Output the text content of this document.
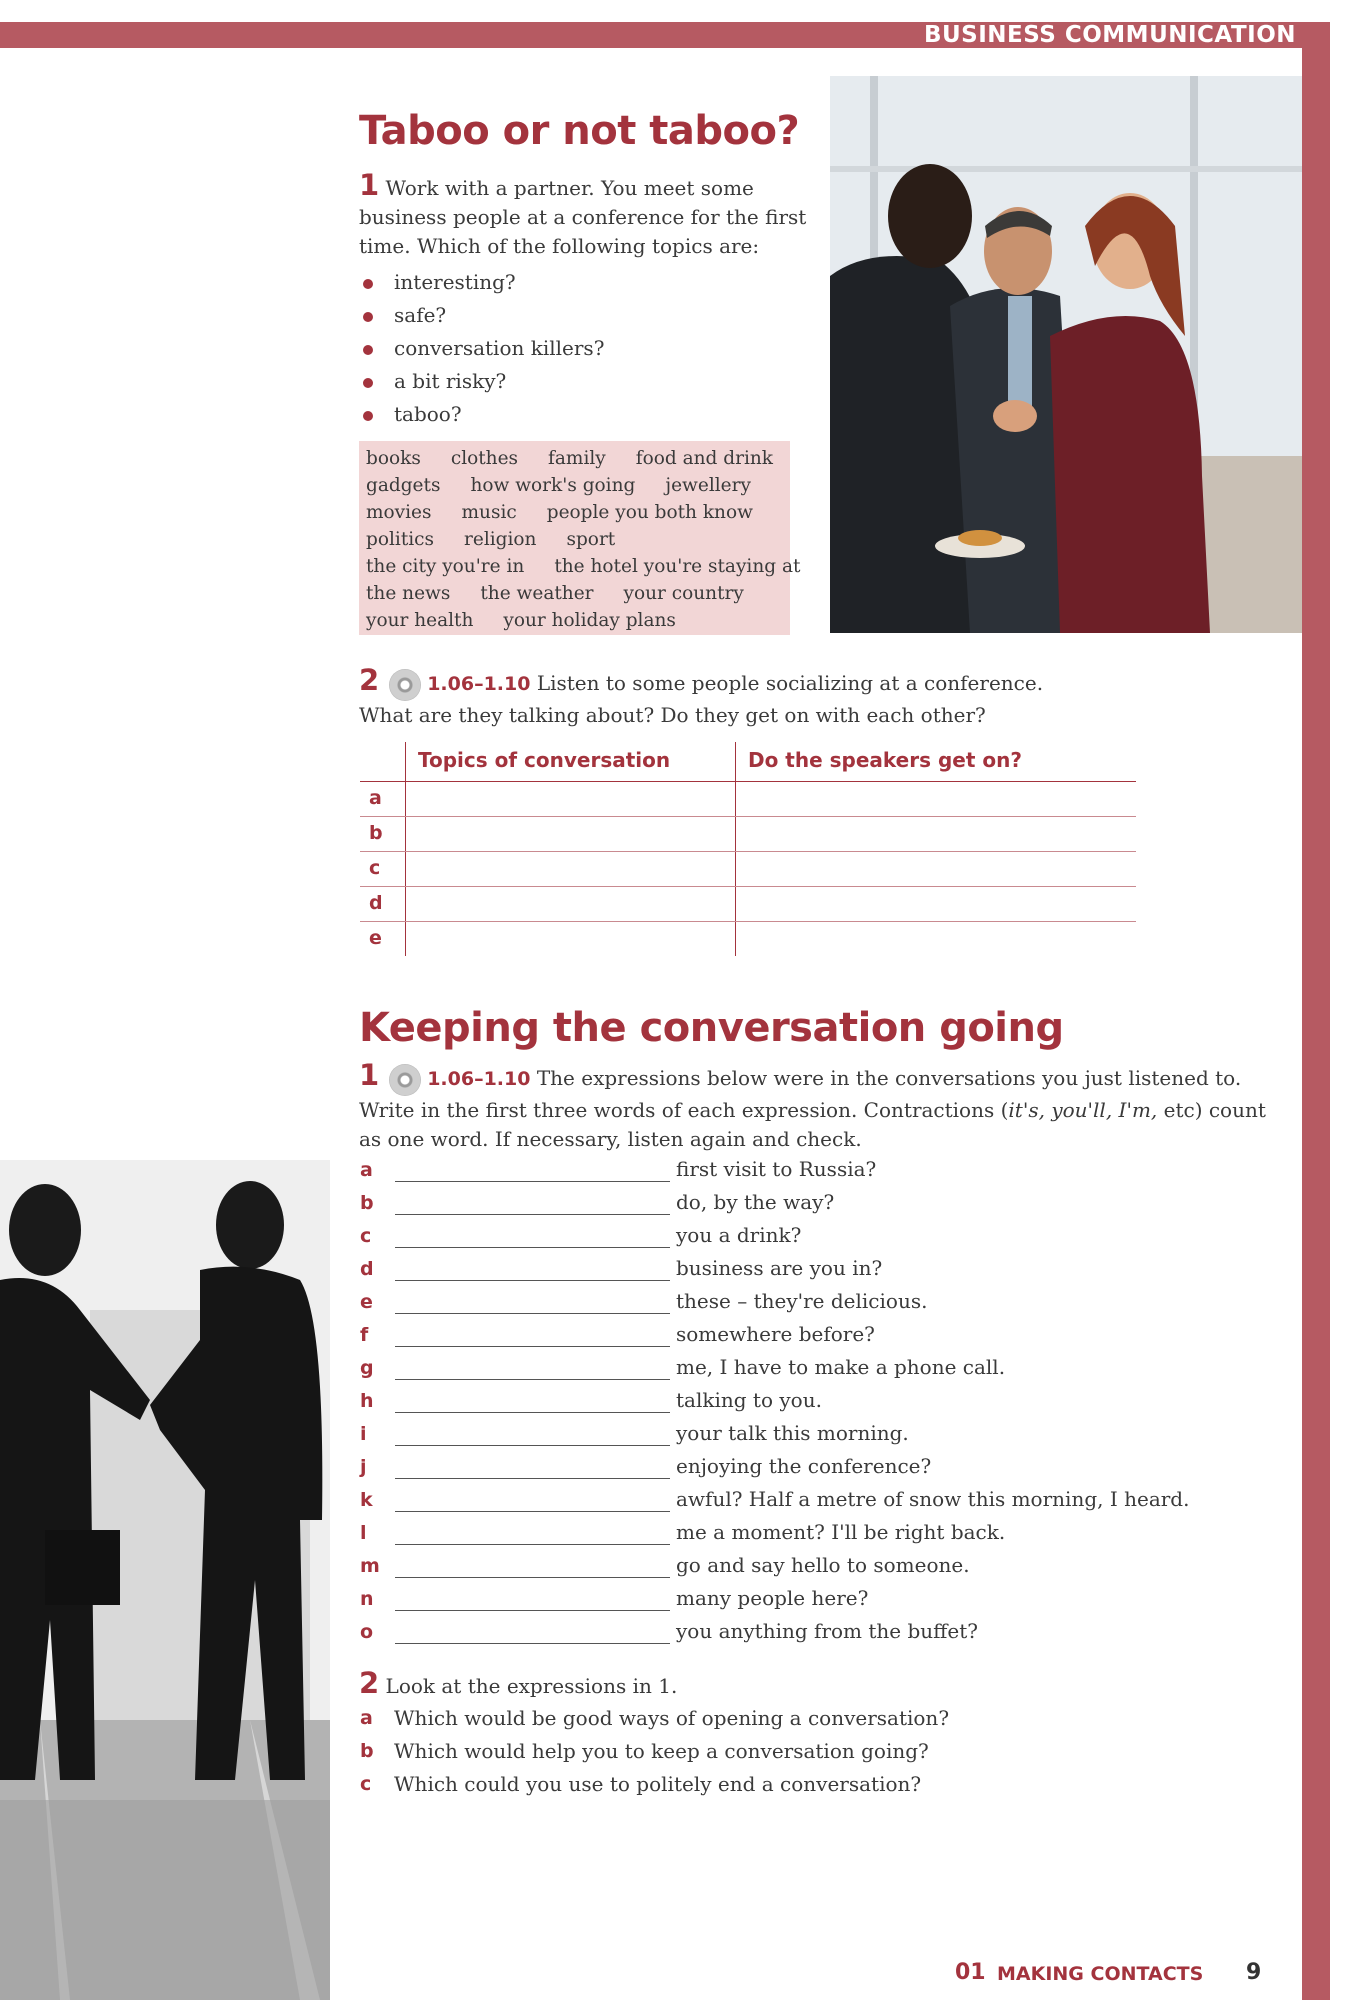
BUSINESS COMMUNICATION
Taboo or not taboo?
1 Work with a partner. You meet some business people at a conference for the first time. Which of the following topics are:
interesting?
safe?
conversation killers?
a bit risky?
taboo?
books clothes family food and drink
gadgets how work's going jewellery
movies music people you both know
politics religion sport
the city you're in the hotel you're staying at
the news the weather your country
your health your holiday plans
2	1.06–1.10 Listen to some people socializing at a conference.
What are they talking about? Do they get on with each other?
Topics of conversation	Do the speakers get on?
a
b
c
d
e
Keeping the conversation going
1	1.06–1.10 The expressions below were in the conversations you just listened to.
Write in the first three words of each expression. Contractions (it's, you'll, I'm, etc) count
as one word. If necessary, listen again and check.
a	first visit to Russia?
b	do, by the way?
c	you a drink?
d	business are you in?
e	these – they're delicious.
f	somewhere before?
g	me, I have to make a phone call.
h	talking to you.
i	your talk this morning.
j	enjoying the conference?
k	awful? Half a metre of snow this morning, I heard.
l	me a moment? I'll be right back.
m	go and say hello to someone.
n	many people here?
o	you anything from the buffet?
2 Look at the expressions in 1.
a Which would be good ways of opening a conversation?
b Which would help you to keep a conversation going?
c Which could you use to politely end a conversation?
01 MAKING CONTACTS 9
